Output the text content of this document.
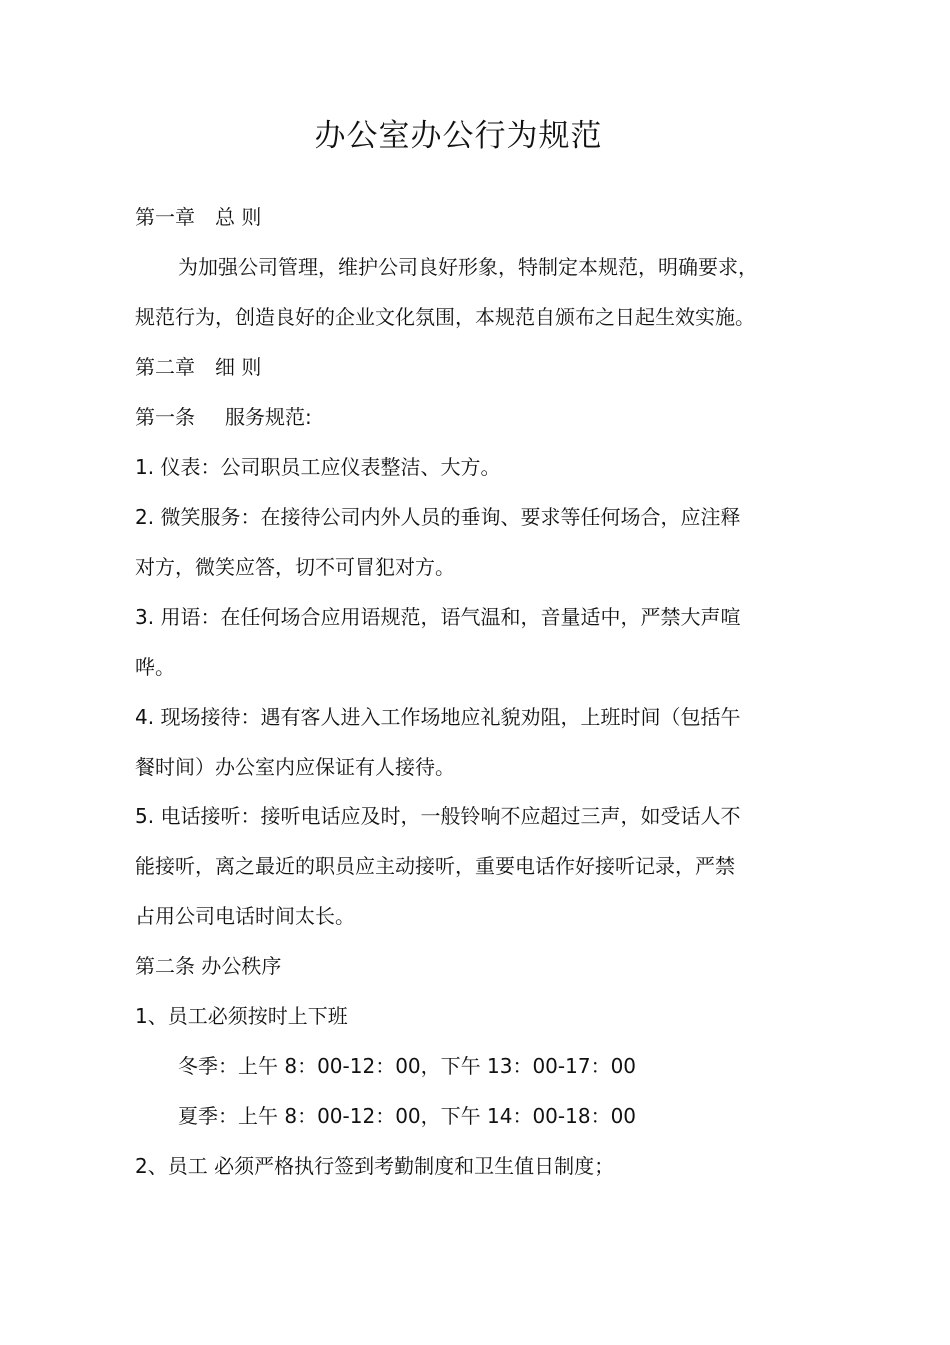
办公室办公行为规范
第一章 总 则
为加强公司管理，维护公司良好形象，特制定本规范，明确要求，
规范行为，创造良好的企业文化氛围，本规范自颁布之日起生效实施。
第二章 细 则
第一条 服务规范:
1. 仪表：公司职员工应仪表整洁、大方。
2. 微笑服务：在接待公司内外人员的垂询、要求等任何场合，应注释
对方，微笑应答，切不可冒犯对方。
3. 用语：在任何场合应用语规范，语气温和，音量适中，严禁大声喧
哗。
4. 现场接待：遇有客人进入工作场地应礼貌劝阻，上班时间（包括午
餐时间）办公室内应保证有人接待。
5. 电话接听：接听电话应及时，一般铃响不应超过三声，如受话人不
能接听，离之最近的职员应主动接听，重要电话作好接听记录，严禁
占用公司电话时间太长。
第二条 办公秩序
1、员工必须按时上下班
冬季：上午 8：00-12：00，下午 13：00-17：00
夏季：上午 8：00-12：00，下午 14：00-18：00
2、员工 必须严格执行签到考勤制度和卫生值日制度；
